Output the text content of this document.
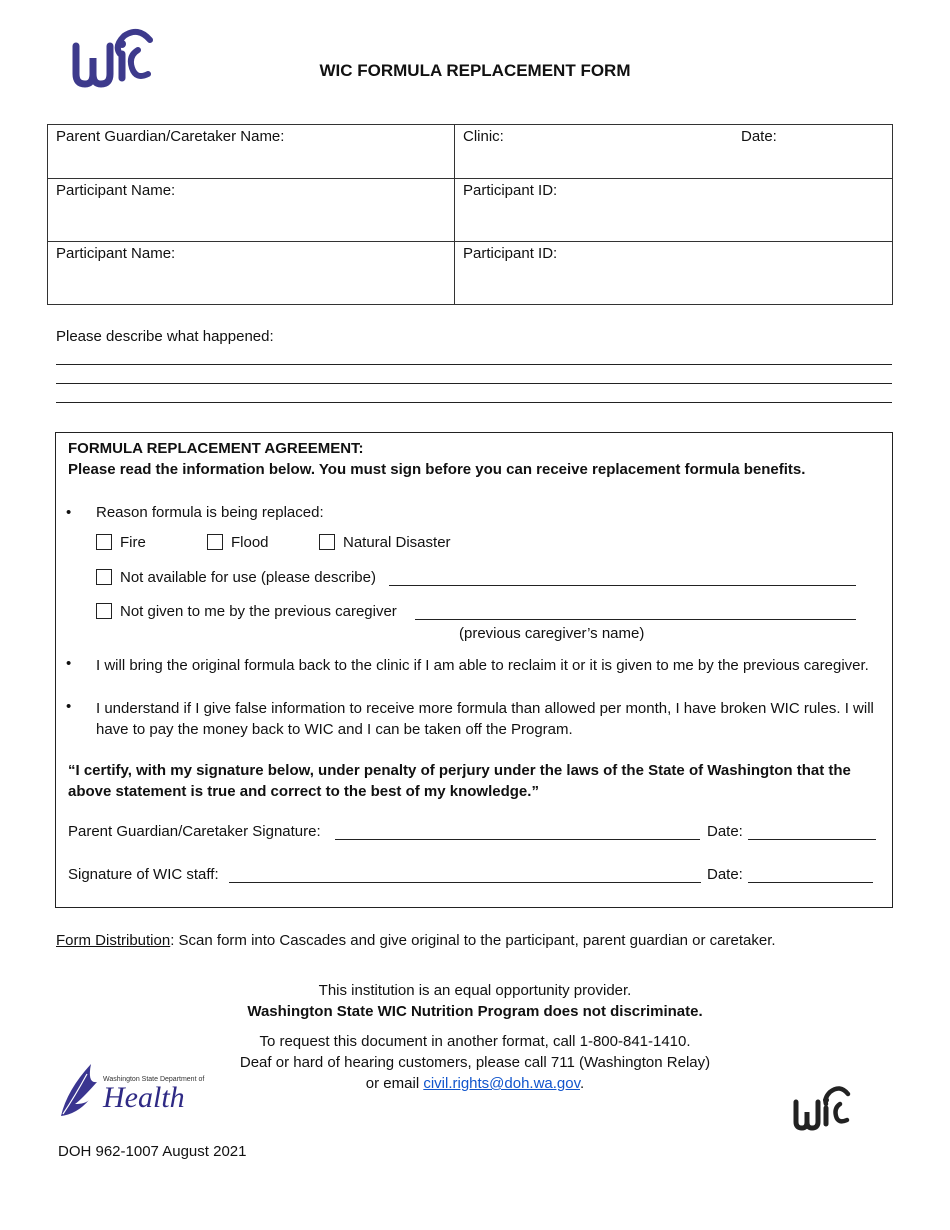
WIC FORMULA REPLACEMENT FORM
Parent Guardian/Caretaker Name:	Clinic: Date:

Participant Name:	Participant ID:
Participant Name:	Participant ID:
Please describe what happened:
FORMULA REPLACEMENT AGREEMENT:
Please read the information below. You must sign before you can receive replacement formula benefits.
• Reason formula is being replaced:
Fire	Flood	Natural Disaster
Not available for use (please describe)
Not given to me by the previous caregiver
(previous caregiver’s name)
• I will bring the original formula back to the clinic if I am able to reclaim it or it is given to me by the previous caregiver.
• I understand if I give false information to receive more formula than allowed per month, I have broken WIC rules. I will have to pay the money back to WIC and I can be taken off the Program.
“I certify, with my signature below, under penalty of perjury under the laws of the State of Washington that the above statement is true and correct to the best of my knowledge.”
Parent Guardian/Caretaker Signature:	Date:
Signature of WIC staff:	Date:
Form Distribution: Scan form into Cascades and give original to the participant, parent guardian or caretaker.
This institution is an equal opportunity provider.
Washington State WIC Nutrition Program does not discriminate.
To request this document in another format, call 1-800-841-1410.
Deaf or hard of hearing customers, please call 711 (Washington Relay)
or email civil.rights@doh.wa.gov.
Washington State Department of
Health
DOH 962-1007 August 2021
